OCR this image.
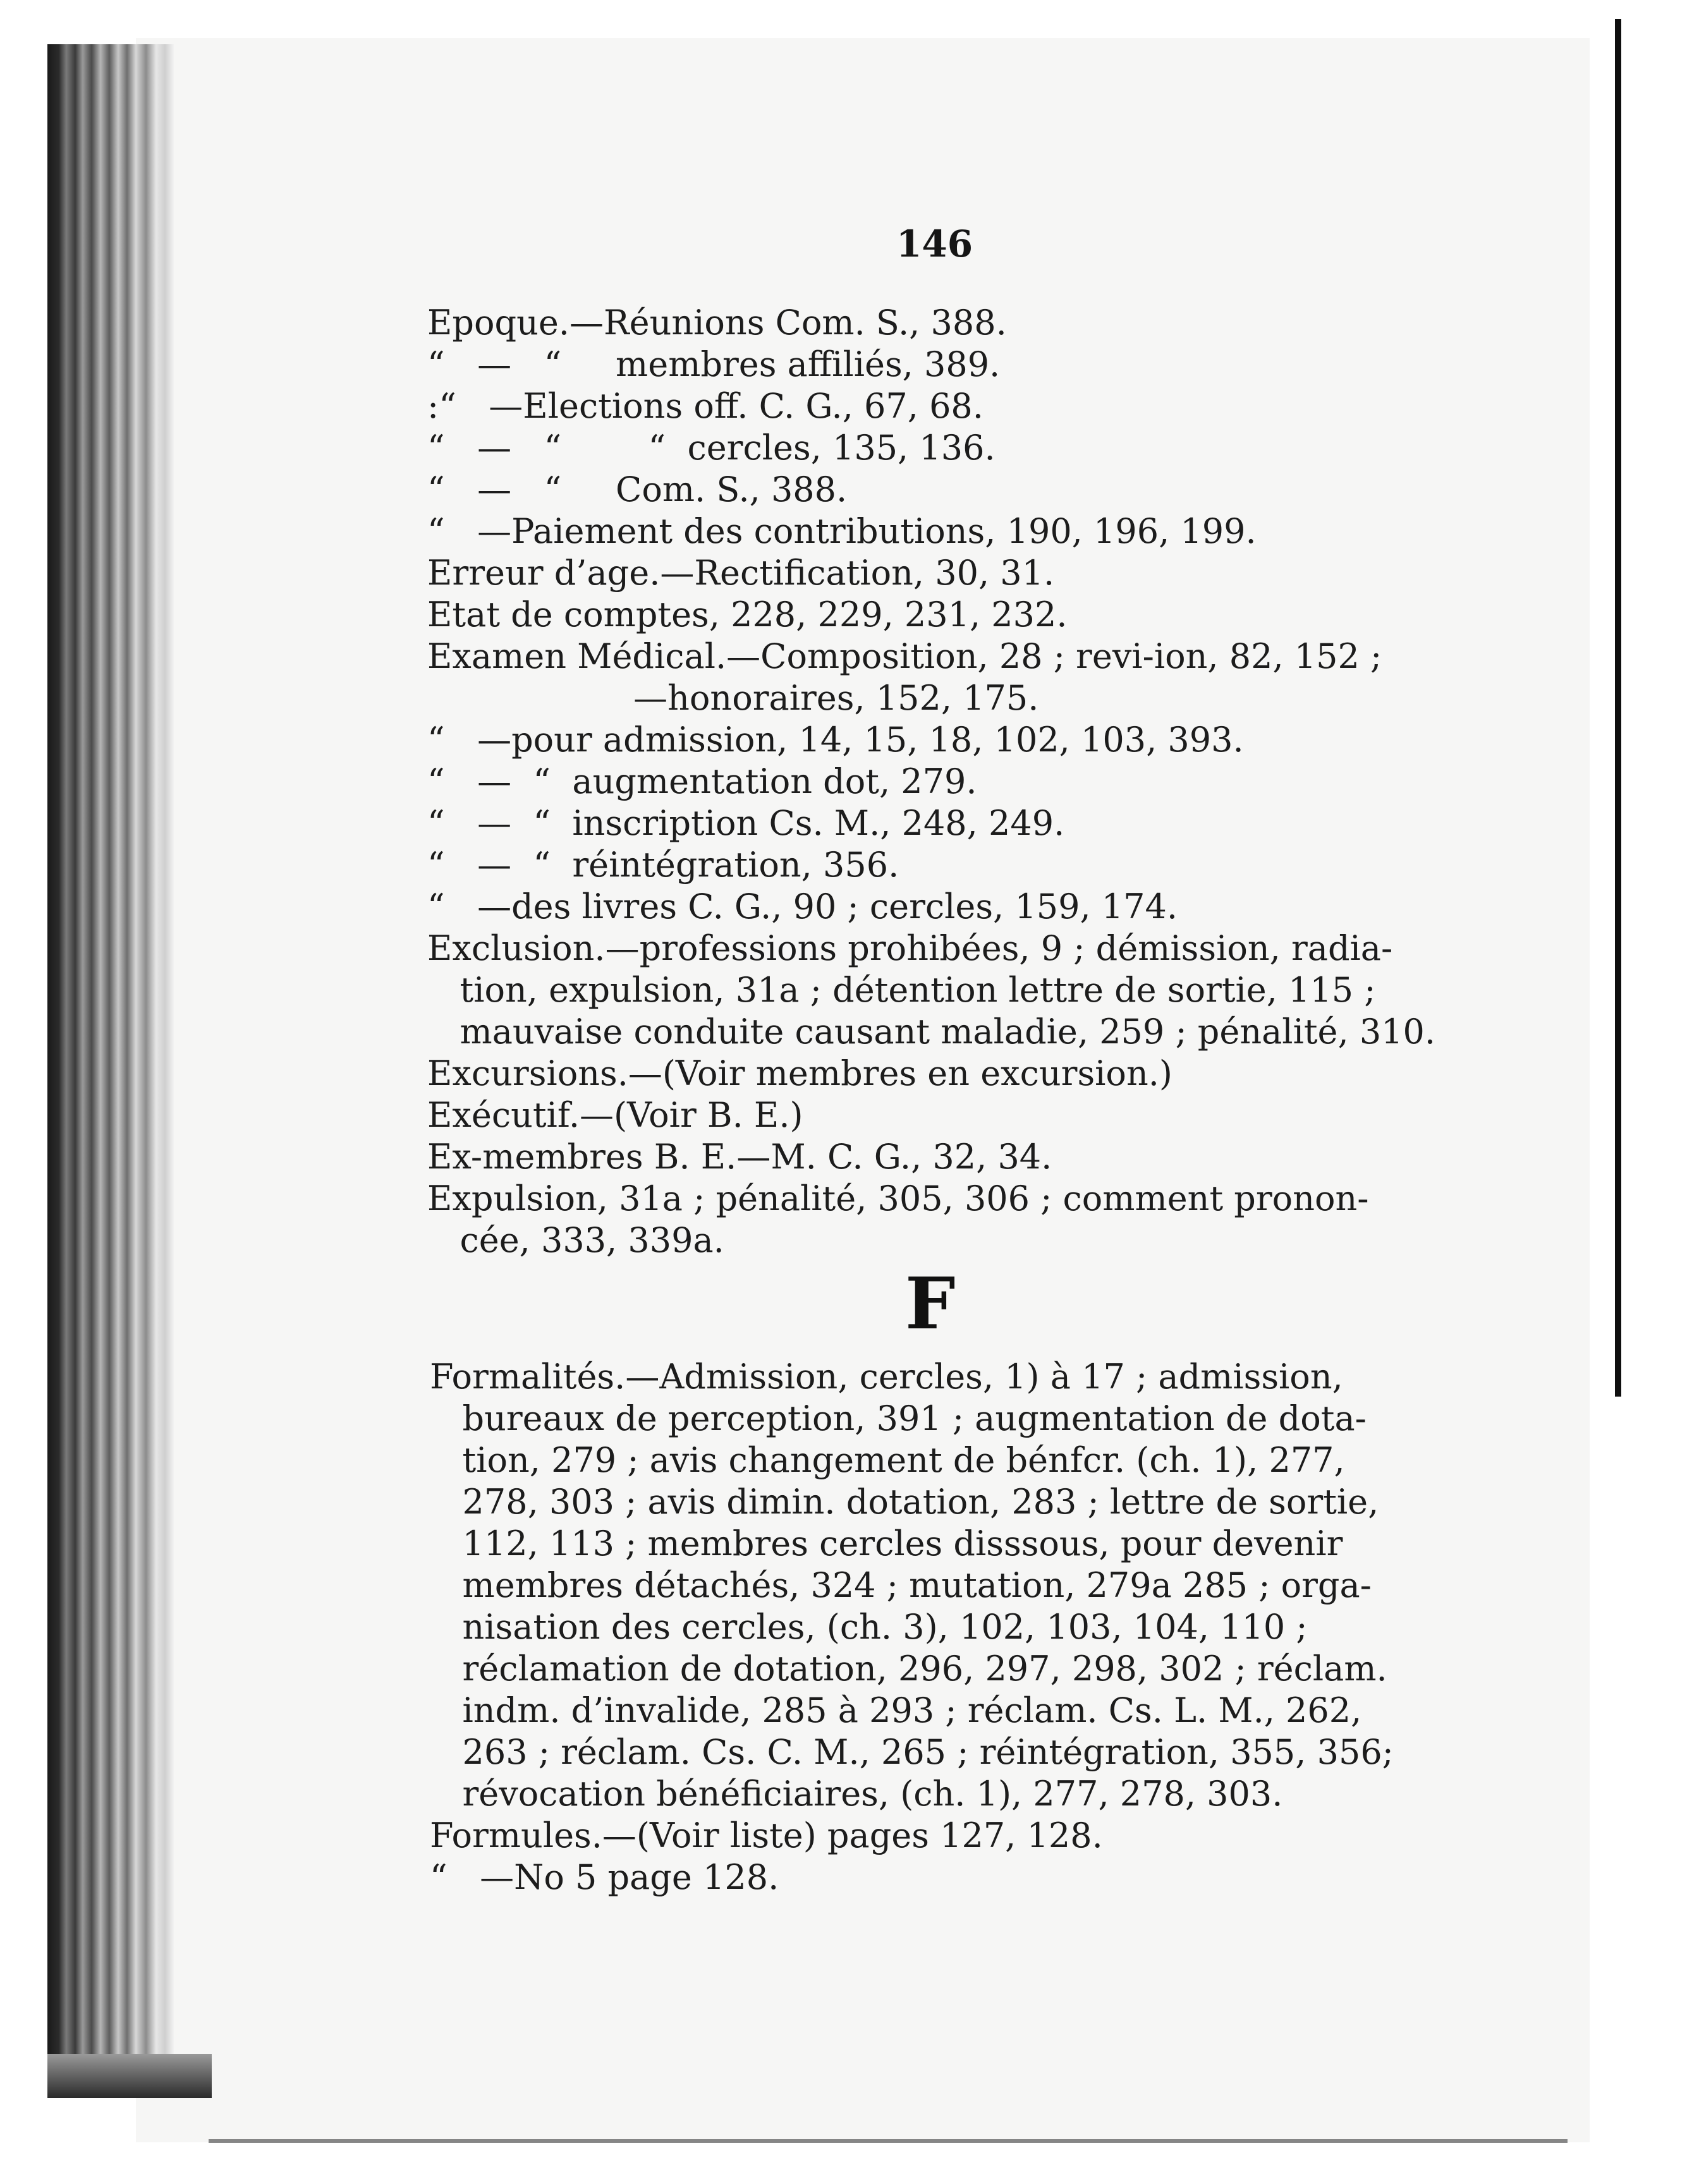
146
Epoque.—Réunions Com. S., 388.
“   —   “     membres affiliés, 389.
:“   —Elections off. C. G., 67, 68.
“   —   “        “  cercles, 135, 136.
“   —   “     Com. S., 388.
“   —Paiement des contributions, 190, 196, 199.
Erreur d’age.—Rectification, 30, 31.
Etat de comptes, 228, 229, 231, 232.
Examen Médical.—Composition, 28 ; revi-ion, 82, 152 ;
—honoraires, 152, 175.
“   —pour admission, 14, 15, 18, 102, 103, 393.
“   —  “  augmentation dot, 279.
“   —  “  inscription Cs. M., 248, 249.
“   —  “  réintégration, 356.
“   —des livres C. G., 90 ; cercles, 159, 174.
Exclusion.—professions prohibées, 9 ; démission, radia-
tion, expulsion, 31a ; détention lettre de sortie, 115 ;
mauvaise conduite causant maladie, 259 ; pénalité, 310.
Excursions.—(Voir membres en excursion.)
Exécutif.—(Voir B. E.)
Ex-membres B. E.—M. C. G., 32, 34.
Expulsion, 31a ; pénalité, 305, 306 ; comment pronon-
cée, 333, 339a.
F
Formalités.—Admission, cercles, 1) à 17 ; admission,
bureaux de perception, 391 ; augmentation de dota-
tion, 279 ; avis changement de bénfcr. (ch. 1), 277,
278, 303 ; avis dimin. dotation, 283 ; lettre de sortie,
112, 113 ; membres cercles disssous, pour devenir
membres détachés, 324 ; mutation, 279a 285 ; orga-
nisation des cercles, (ch. 3), 102, 103, 104, 110 ;
réclamation de dotation, 296, 297, 298, 302 ; réclam.
indm. d’invalide, 285 à 293 ; réclam. Cs. L. M., 262,
263 ; réclam. Cs. C. M., 265 ; réintégration, 355, 356;
révocation bénéficiaires, (ch. 1), 277, 278, 303.
Formules.—(Voir liste) pages 127, 128.
“   —No 5 page 128.
